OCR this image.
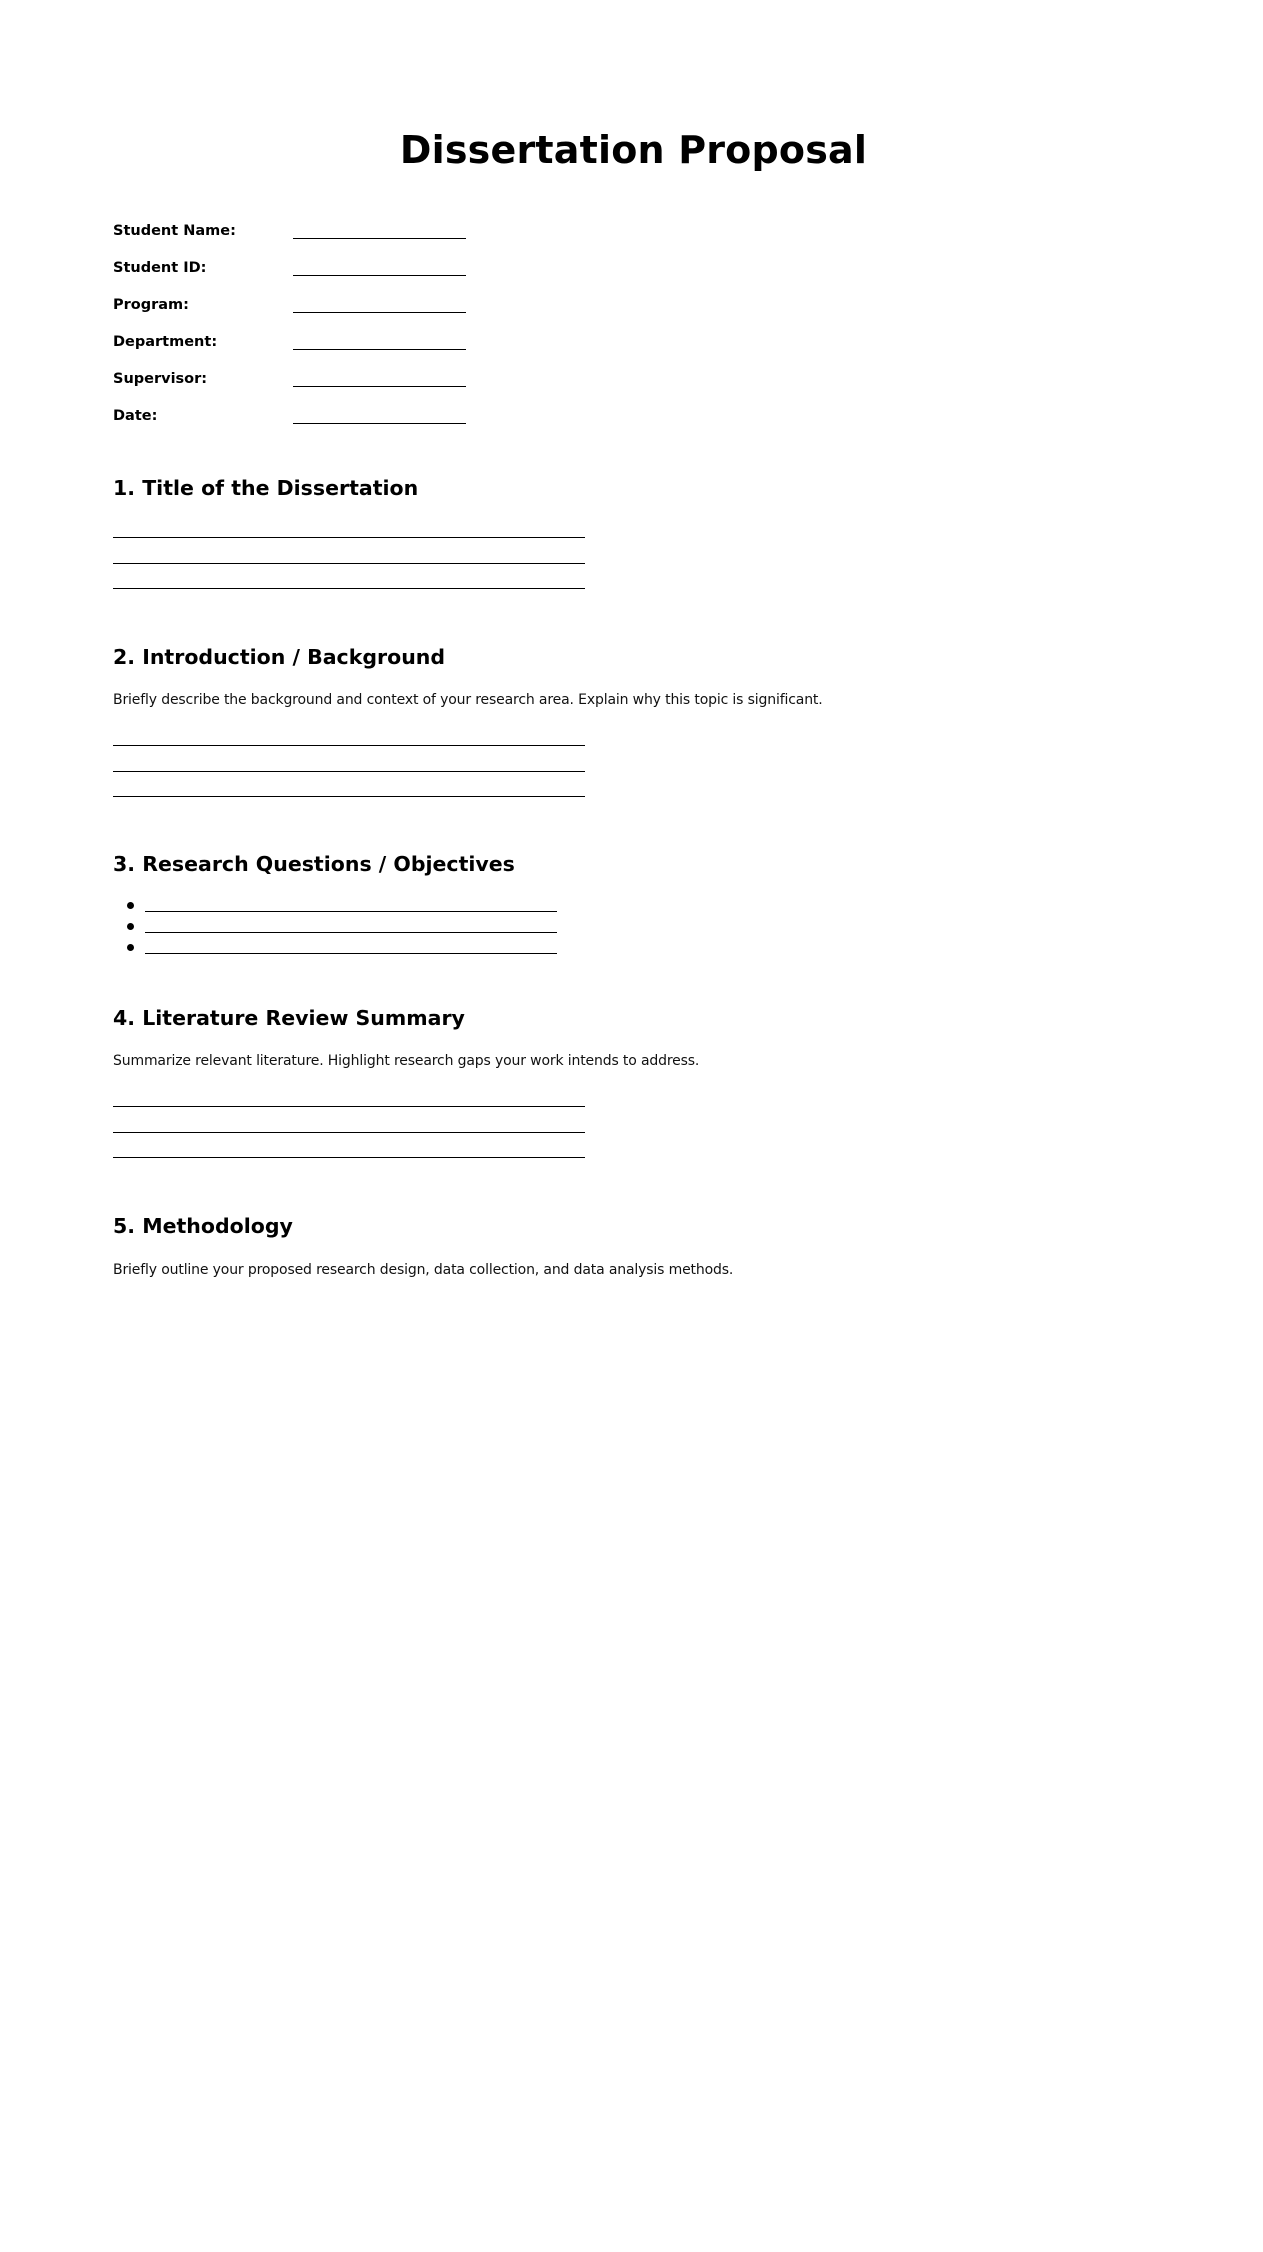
Dissertation Proposal
Student Name:
Student ID:
Program:
Department:
Supervisor:
Date:
1. Title of the Dissertation
2. Introduction / Background
Briefly describe the background and context of your research area. Explain why this topic is significant.
3. Research Questions / Objectives
4. Literature Review Summary
Summarize relevant literature. Highlight research gaps your work intends to address.
5. Methodology
Briefly outline your proposed research design, data collection, and data analysis methods.
